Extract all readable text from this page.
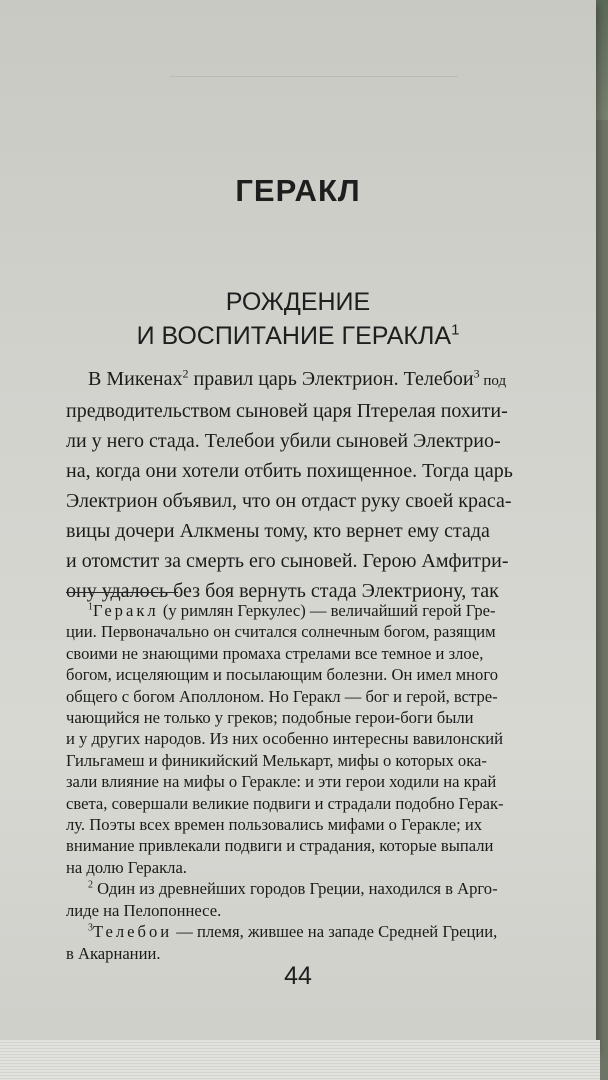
————————————————
ГЕРАКЛ
РОЖДЕНИЕ
И ВОСПИТАНИЕ ГЕРАКЛА$^1$
В Микенах$^2$ правил царь Электрион. Телебои$^3$ под
предводительством сыновей царя Птерелая похити-
ли у него стада. Телебои убили сыновей Электрио-
на, когда они хотели отбить похищенное. Тогда царь
Электрион объявил, что он отдаст руку своей краса-
вицы дочери Алкмены тому, кто вернет ему стада
и отомстит за смерть его сыновей. Герою Амфитри-
ону удалось без боя вернуть стада Электриону, так
$^1$Геракл (у римлян Геркулес) — величайший герой Гре-
ции. Первоначально он считался солнечным богом, разящим
своими не знающими промаха стрелами все темное и злое,
богом, исцеляющим и посылающим болезни. Он имел много
общего с богом Аполлоном. Но Геракл — бог и герой, встре-
чающийся не только у греков; подобные герои-боги были
и у других народов. Из них особенно интересны вавилонский
Гильгамеш и финикийский Мелькарт, мифы о которых ока-
зали влияние на мифы о Геракле: и эти герои ходили на край
света, совершали великие подвиги и страдали подобно Герак-
лу. Поэты всех времен пользовались мифами о Геракле; их
внимание привлекали подвиги и страдания, которые выпали
на долю Геракла.
$^2$ Один из древнейших городов Греции, находился в Арго-
лиде на Пелопоннесе.
$^3$Телебои — племя, жившее на западе Средней Греции,
в Акарнании.
44
